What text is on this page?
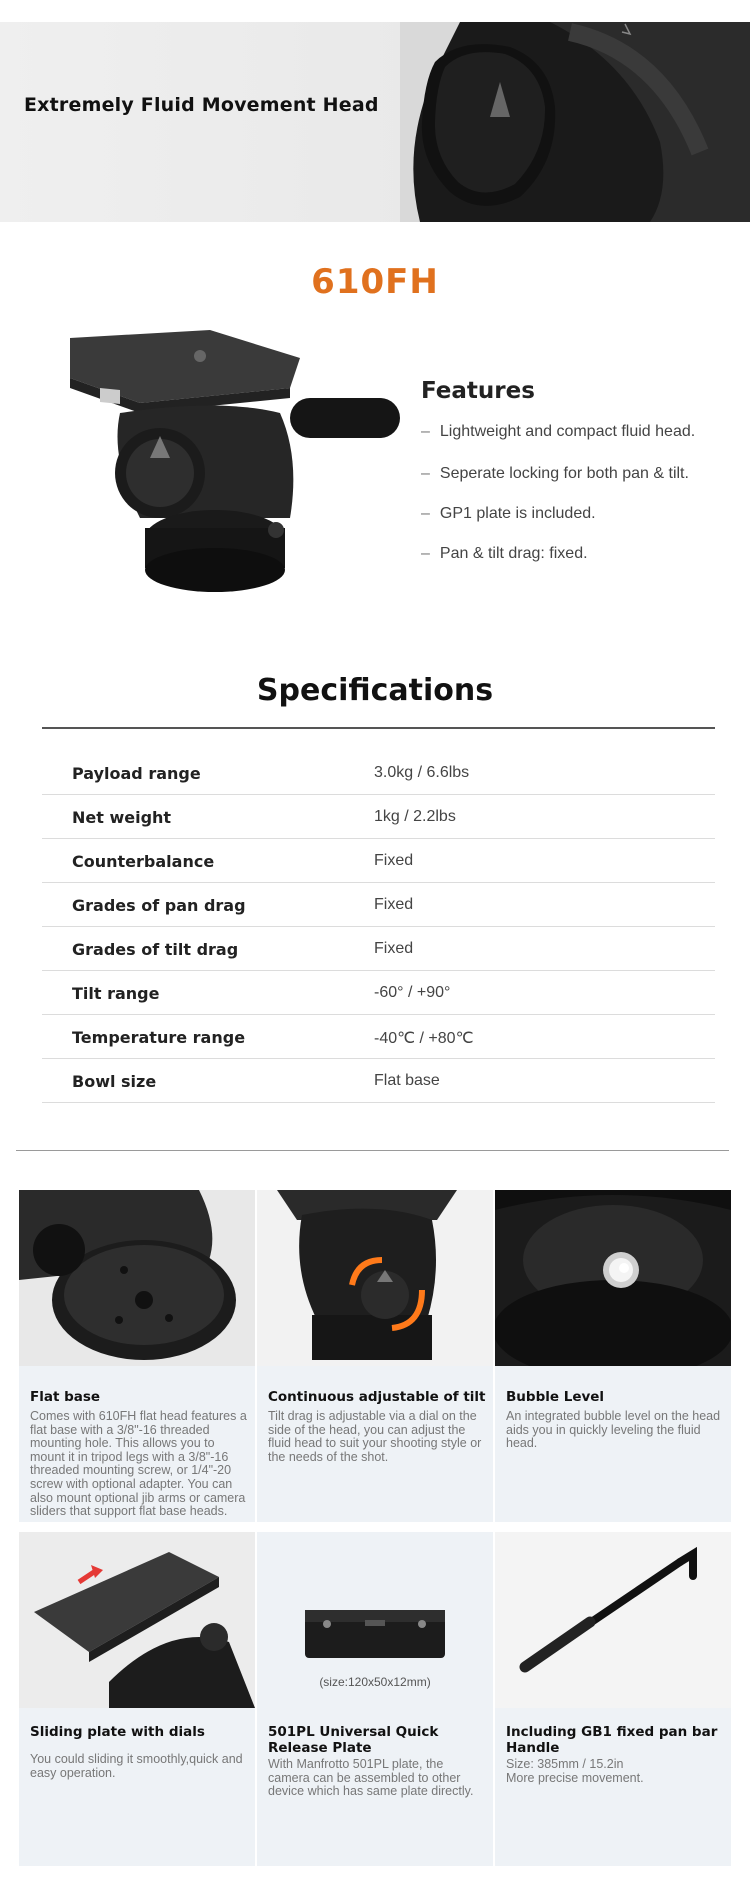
Extremely Fluid Movement Head
610FH
Features
– Lightweight and compact fluid head.
– Seperate locking for both pan & tilt.
– GP1 plate is included.
– Pan & tilt drag: fixed.
Specifications
Payload range	3.0kg / 6.6lbs
Net weight	1kg / 2.2lbs
Counterbalance	Fixed
Grades of pan drag	Fixed
Grades of tilt drag	Fixed
Tilt range	-60° / +90°
Temperature range	-40℃ / +80℃
Bowl size	Flat base
Flat base
Comes with 610FH flat head features a flat base with a 3/8"-16 threaded mounting hole. This allows you to mount it in tripod legs with a 3/8"-16 threaded mounting screw, or 1/4"-20 screw with optional adapter. You can also mount optional jib arms or camera sliders that support flat base heads.
Continuous adjustable of tilt
Tilt drag is adjustable via a dial on the side of the head, you can adjust the fluid head to suit your shooting style or the needs of the shot.
Bubble Level
An integrated bubble level on the head aids you in quickly leveling the fluid head.
Sliding plate with dials
You could sliding it smoothly,quick and easy operation.
(size:120x50x12mm)
501PL Universal Quick Release Plate
With Manfrotto 501PL plate, the camera can be assembled to other device which has same plate directly.
Including GB1 fixed pan bar Handle
Size: 385mm / 15.2in
More precise movement.
